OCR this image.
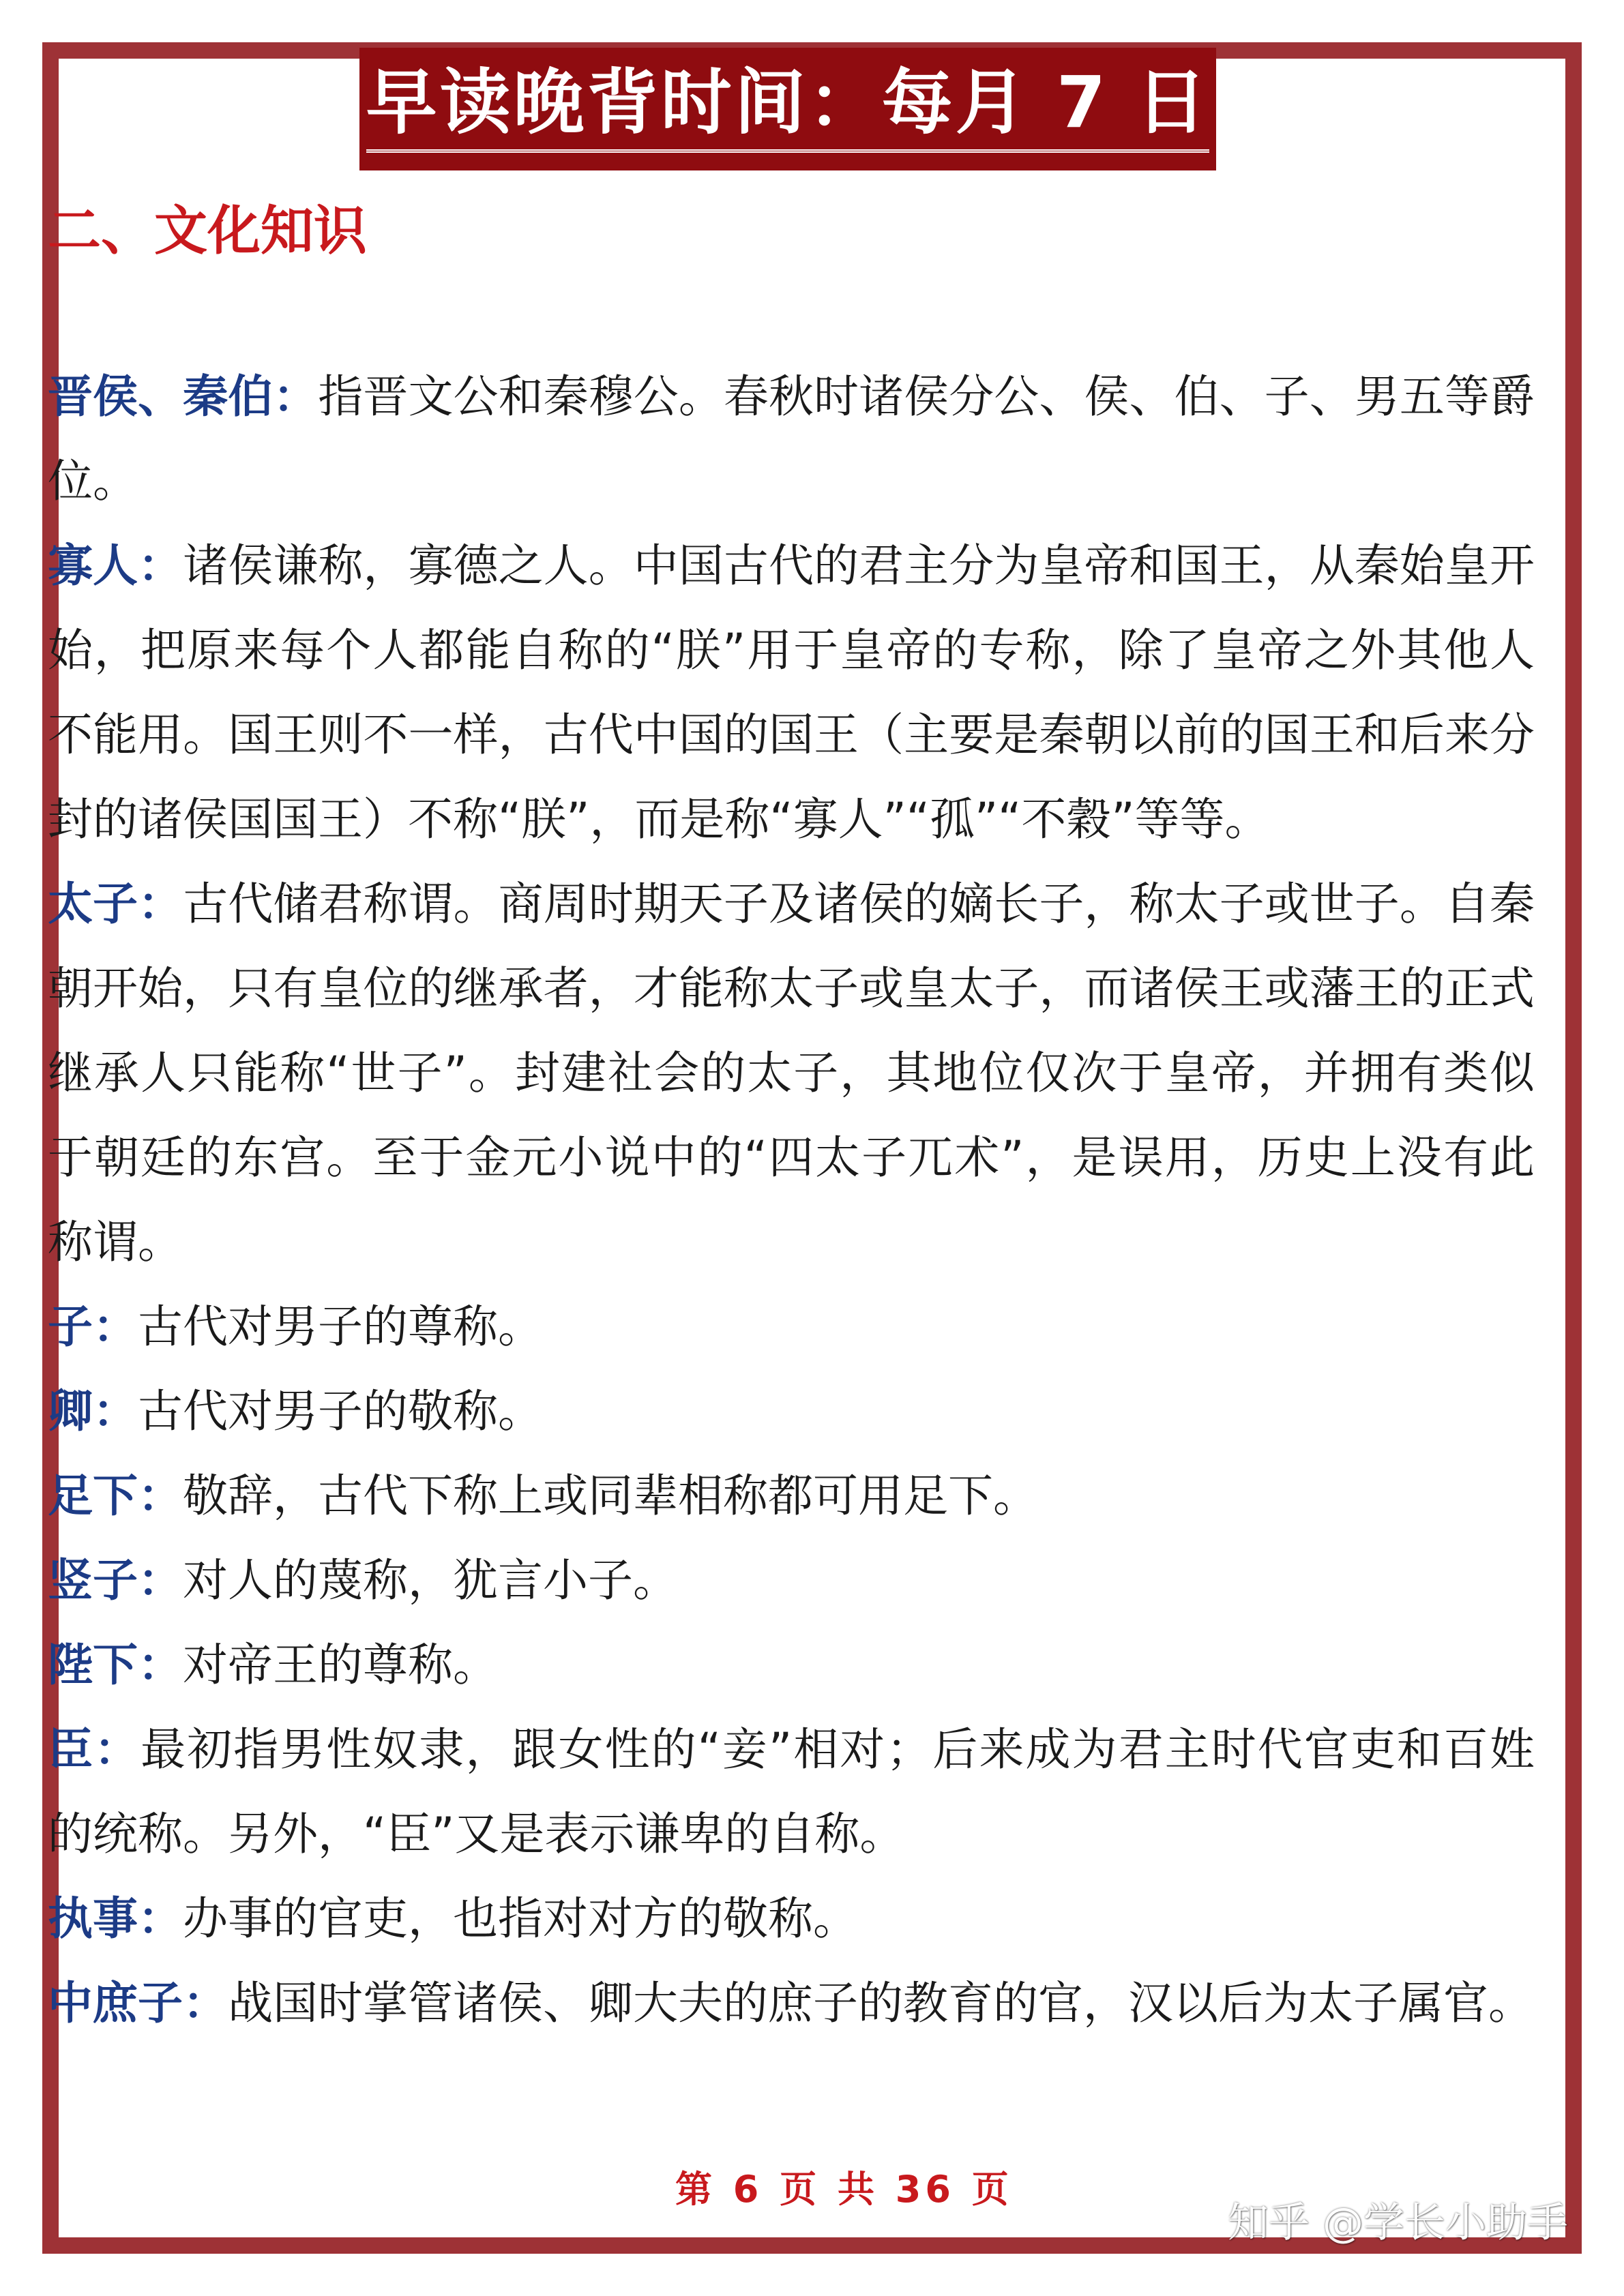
早读晚背时间：每月 7 日
二、文化知识

晋侯、秦伯：指晋文公和秦穆公。春秋时诸侯分公、侯、伯、子、男五等爵位。

寡人：诸侯谦称，寡德之人。中国古代的君主分为皇帝和国王，从秦始皇开始，把原来每个人都能自称的“朕”用于皇帝的专称，除了皇帝之外其他人不能用。国王则不一样，古代中国的国王（主要是秦朝以前的国王和后来分封的诸侯国国王）不称“朕”，而是称“寡人”“孤”“不穀”等等。

太子：古代储君称谓。商周时期天子及诸侯的嫡长子，称太子或世子。自秦朝开始，只有皇位的继承者，才能称太子或皇太子，而诸侯王或藩王的正式继承人只能称“世子”。封建社会的太子，其地位仅次于皇帝，并拥有类似于朝廷的东宫。至于金元小说中的“四太子兀术”，是误用，历史上没有此称谓。

子：古代对男子的尊称。

卿：古代对男子的敬称。

足下：敬辞，古代下称上或同辈相称都可用足下。

竖子：对人的蔑称，犹言小子。

陛下：对帝王的尊称。

臣：最初指男性奴隶，跟女性的“妾”相对；后来成为君主时代官吏和百姓的统称。另外，“臣”又是表示谦卑的自称。

执事：办事的官吏，也指对对方的敬称。

中庶子：战国时掌管诸侯、卿大夫的庶子的教育的官，汉以后为太子属官。

第 6 页 共 36 页
知乎 @学长小助手
